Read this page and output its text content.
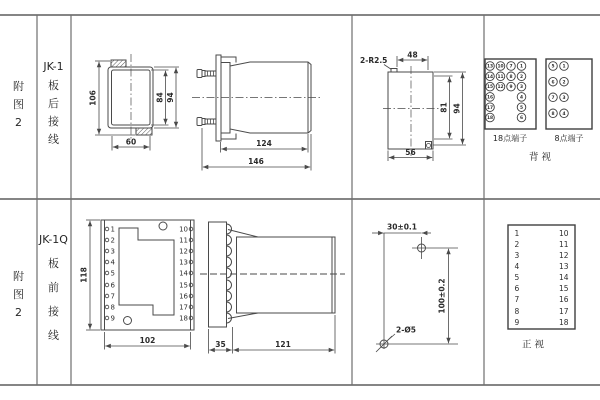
附
图
2
JK-1
板
后
接
线
106	84 94
60	124
146
2-R2.5
48
81 94
56
13
14
15
16
17
18
10
11
12
7
8
9
1
2
3
4
5
6
18点端子
5
6
7
8
1
2
3
4
8点端子
背 视
附
图
2
JK-1Q
板
前
接
线
1
2
3
4
5
6
7
8
9
10
11
12
13
14
15
16
17
18
118
102	35	121
30±0.1
100±0.2
2-Ø5
1	10
2	11
3	12
4	13
5	14
6	15
7	16
8	17
9	18
正 视
